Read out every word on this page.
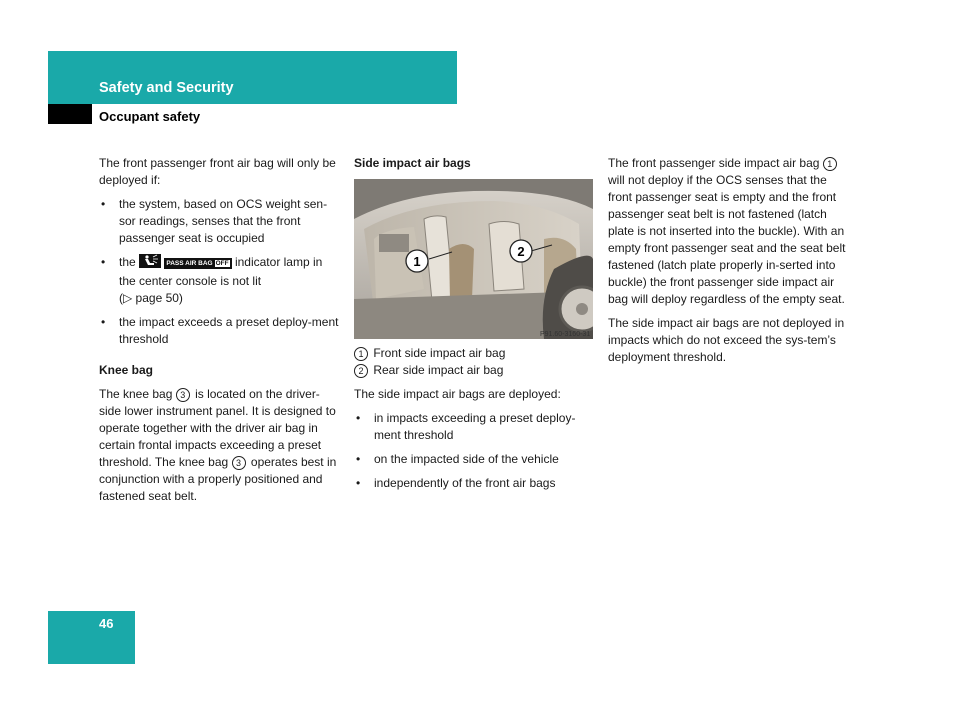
Safety and Security
Occupant safety

The front passenger front air bag will only be deployed if:

• the system, based on OCS weight sen-sor readings, senses that the front passenger seat is occupied
• the	PASS AIR BAG OFF indicator lamp in the center console is not lit
(▷ page 50)
• the impact exceeds a preset deploy-ment threshold
Knee bag

The knee bag 3 is located on the driver-side lower instrument panel. It is designed to operate together with the driver air bag in certain frontal impacts exceeding a preset threshold. The knee bag 3 operates best in conjunction with a properly positioned and fastened seat belt.

Side impact air bags
1
2
P91.60-3160-31
1 Front side impact air bag
2 Rear side impact air bag

The side impact air bags are deployed:

• in impacts exceeding a preset deploy-ment threshold
• on the impacted side of the vehicle
• independently of the front air bags

The front passenger side impact air bag 1 will not deploy if the OCS senses that the front passenger seat is empty and the front passenger seat belt is not fastened (latch plate is not inserted into the buckle). With an empty front passenger seat and the seat belt fastened (latch plate properly in-serted into buckle) the front passenger side impact air bag will deploy regardless of the empty seat.

The side impact air bags are not deployed in impacts which do not exceed the sys-tem’s deployment threshold.

46
